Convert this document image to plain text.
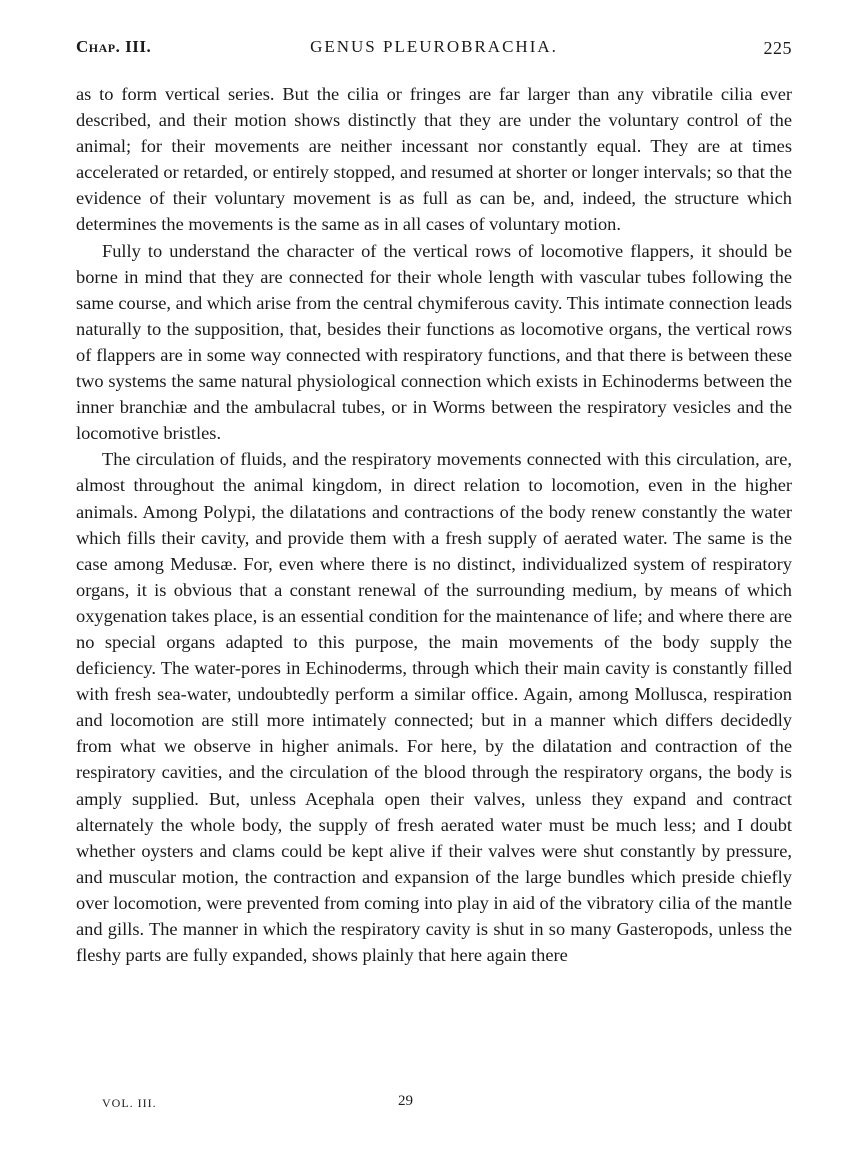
Chap. III.	GENUS PLEUROBRACHIA.	225

as to form vertical series. But the cilia or fringes are far larger than any vibratile cilia ever described, and their motion shows distinctly that they are under the voluntary control of the animal; for their movements are neither incessant nor constantly equal. They are at times accelerated or retarded, or entirely stopped, and resumed at shorter or longer intervals; so that the evidence of their voluntary movement is as full as can be, and, indeed, the structure which determines the movements is the same as in all cases of voluntary motion.

Fully to understand the character of the vertical rows of locomotive flappers, it should be borne in mind that they are connected for their whole length with vascular tubes following the same course, and which arise from the central chymiferous cavity. This intimate connection leads naturally to the supposition, that, besides their functions as locomotive organs, the vertical rows of flappers are in some way connected with respiratory functions, and that there is between these two systems the same natural physiological connection which exists in Echinoderms between the inner branchiæ and the ambulacral tubes, or in Worms between the respiratory vesicles and the locomotive bristles.

The circulation of fluids, and the respiratory movements connected with this circulation, are, almost throughout the animal kingdom, in direct relation to locomotion, even in the higher animals. Among Polypi, the dilatations and contractions of the body renew constantly the water which fills their cavity, and provide them with a fresh supply of aerated water. The same is the case among Medusæ. For, even where there is no distinct, individualized system of respiratory organs, it is obvious that a constant renewal of the surrounding medium, by means of which oxygenation takes place, is an essential condition for the maintenance of life; and where there are no special organs adapted to this purpose, the main movements of the body supply the deficiency. The water-pores in Echinoderms, through which their main cavity is constantly filled with fresh sea-water, undoubtedly perform a similar office. Again, among Mollusca, respiration and locomotion are still more intimately connected; but in a manner which differs decidedly from what we observe in higher animals. For here, by the dilatation and contraction of the respiratory cavities, and the circulation of the blood through the respiratory organs, the body is amply supplied. But, unless Acephala open their valves, unless they expand and contract alternately the whole body, the supply of fresh aerated water must be much less; and I doubt whether oysters and clams could be kept alive if their valves were shut constantly by pressure, and muscular motion, the contraction and expansion of the large bundles which preside chiefly over locomotion, were prevented from coming into play in aid of the vibratory cilia of the mantle and gills. The manner in which the respiratory cavity is shut in so many Gasteropods, unless the fleshy parts are fully expanded, shows plainly that here again there

VOL. III.	29
